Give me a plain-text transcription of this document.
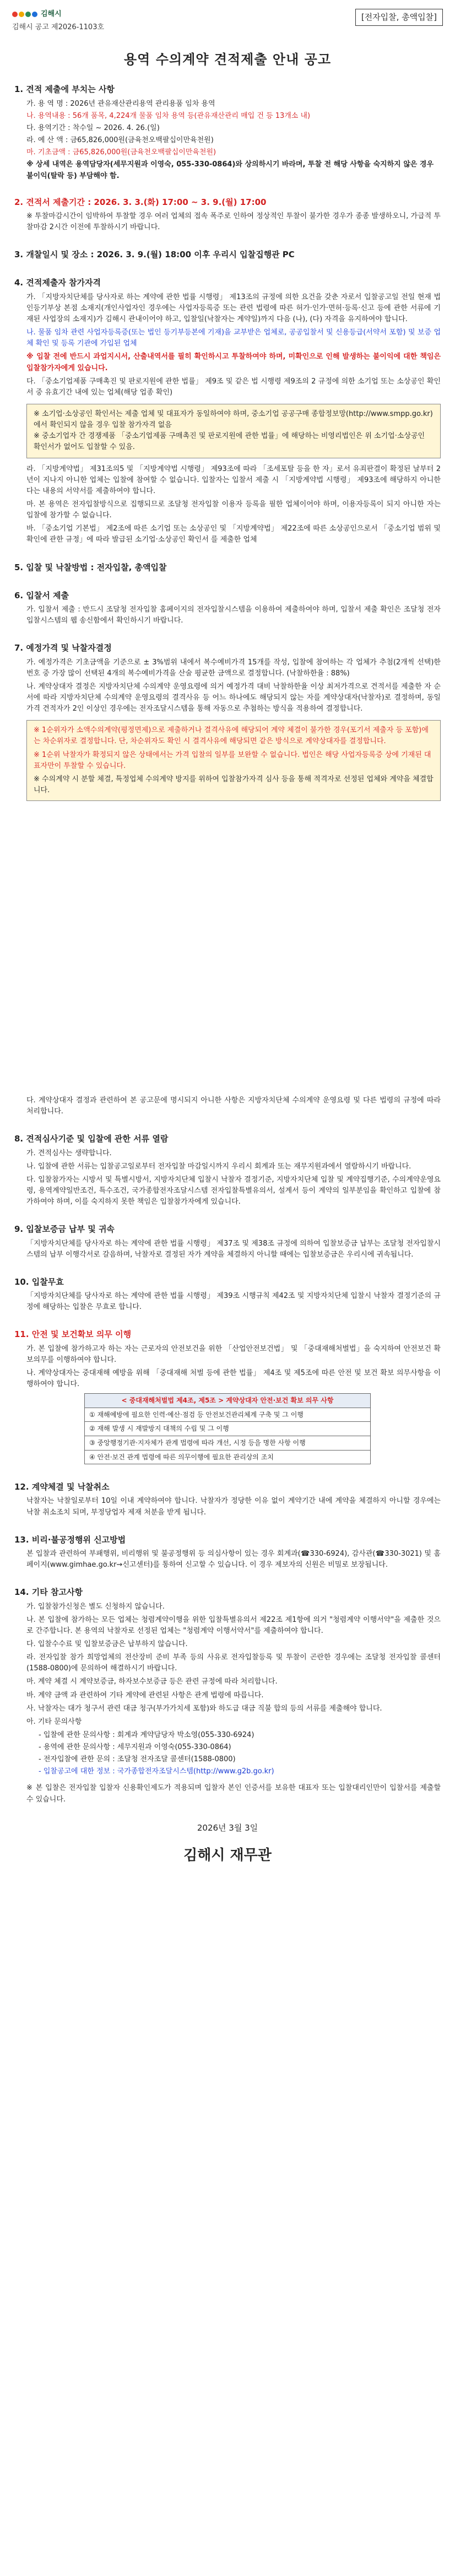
김해시
김해시 공고 제2026-1103호
[전자입찰, 총액입찰]
용역 수의계약 견적제출 안내 공고
1. 견적 제출에 부치는 사항
가. 용 역 명 : 2026년 관유재산관리용역 관리용품 임차 용역
나. 용역내용 : 56개 품목, 4,224개 물품 임차 용역 등(관유재산관리 매입 건 등 13개소 내)
다. 용역기간 : 착수일 ~ 2026. 4. 26.(일)
라. 예 산 액 : 금65,826,000원(금육천오백팔십이만육천원)
마. 기초금액 : 금65,826,000원(금육천오백팔십이만육천원)
※ 상세 내역은 용역담당자(세무지원과 이영숙, 055-330-0864)와 상의하시기 바라며, 투찰 전 해당 사항을 숙지하지 않은 경우 불이익(탈락 등) 부담해야 함.
2. 견적서 제출기간 : 2026. 3. 3.(화) 17:00 ~ 3. 9.(월) 17:00
※ 투찰마감시간이 임박하여 투찰할 경우 여러 업체의 접속 폭주로 인하여 정상적인 투찰이 불가한 경우가 종종 발생하오니, 가급적 투찰마감 2시간 이전에 투찰하시기 바랍니다.
3. 개찰일시 및 장소 : 2026. 3. 9.(월) 18:00 이후 우리시 입찰집행관 PC
4. 견적제출자 참가자격
가. 「지방자치단체를 당사자로 하는 계약에 관한 법률 시행령」 제13조의 규정에 의한 요건을 갖춘 자로서 입찰공고일 전일 현재 법인등기부상 본점 소재지(개인사업자인 경우에는 사업자등록증 또는 관련 법령에 따른 허가·인가·면허·등록·신고 등에 관한 서류에 기재된 사업장의 소재지)가 김해시 관내이어야 하고, 입찰일(낙찰자는 계약일)까지 다음 (나), (다) 자격을 유지하여야 합니다.
나. 물품 임차 관련 사업자등록증(또는 법인 등기부등본에 기재)을 교부받은 업체로, 공공입찰서 및 신용등급(서약서 포함) 및 보증 업체 확인 및 등록 기관에 가입된 업체
※ 입찰 전에 반드시 과업지시서, 산출내역서를 필히 확인하시고 투찰하여야 하며, 미확인으로 인해 발생하는 불이익에 대한 책임은 입찰참가자에게 있습니다.
다. 「중소기업제품 구매촉진 및 판로지원에 관한 법률」 제9조 및 같은 법 시행령 제9조의 2 규정에 의한 소기업 또는 소상공인 확인서 중 유효기간 내에 있는 업체(해당 업종 확인)
※ 소기업·소상공인 확인서는 제출 업체 및 대표자가 동일하여야 하며, 중소기업 공공구매 종합정보망(http://www.smpp.go.kr)에서 확인되지 않을 경우 입찰 참가자격 없음
※ 중소기업자 간 경쟁제품 「중소기업제품 구매촉진 및 판로지원에 관한 법률」에 해당하는 비영리법인은 위 소기업·소상공인 확인서가 없어도 입찰할 수 있음.
라. 「지방계약법」 제31조의5 및 「지방계약법 시행령」 제93조에 따라 「조세포탈 등을 한 자」로서 유죄판결이 확정된 날부터 2년이 지나지 아니한 업체는 입찰에 참여할 수 없습니다. 입찰자는 입찰서 제출 시 「지방계약법 시행령」 제93조에 해당하지 아니한다는 내용의 서약서를 제출하여야 합니다.
마. 본 용역은 전자입찰방식으로 집행되므로 조달청 전자입찰 이용자 등록을 필한 업체이어야 하며, 이용자등록이 되지 아니한 자는 입찰에 참가할 수 없습니다.
바. 「중소기업 기본법」 제2조에 따른 소기업 또는 소상공인 및 「지방계약법」 제22조에 따른 소상공인으로서 「중소기업 범위 및 확인에 관한 규정」에 따라 발급된 소기업·소상공인 확인서 를 제출한 업체
5. 입찰 및 낙찰방법 : 전자입찰, 총액입찰
6. 입찰서 제출
가. 입찰서 제출 : 반드시 조달청 전자입찰 홈페이지의 전자입찰시스템을 이용하여 제출하여야 하며, 입찰서 제출 확인은 조달청 전자입찰시스템의 웹 송신함에서 확인하시기 바랍니다.
7. 예정가격 및 낙찰자결정
가. 예정가격은 기초금액을 기준으로 ± 3%범위 내에서 복수예비가격 15개를 작성, 입찰에 참여하는 각 업체가 추첨(2개씩 선택)한 번호 중 가장 많이 선택된 4개의 복수예비가격을 산술 평균한 금액으로 결정합니다. (낙찰하한율 : 88%)
나. 계약상대자 결정은 지방자치단체 수의계약 운영요령에 의거 예정가격 대비 낙찰하한율 이상 최저가격으로 견적서를 제출한 자 순서에 따라 지방자치단체 수의계약 운영요령의 결격사유 등 어느 하나에도 해당되지 않는 자를 계약상대자(낙찰자)로 결정하며, 동일 가격 견적자가 2인 이상인 경우에는 전자조달시스템을 통해 자동으로 추첨하는 방식을 적용하여 결정합니다.
※ 1순위자가 소액수의계약(평정면제)으로 제출하거나 결격사유에 해당되어 계약 체결이 불가한 경우(포기서 제출자 등 포함)에는 차순위자로 결정합니다. 단, 차순위자도 확인 시 결격사유에 해당되면 같은 방식으로 계약상대자를 결정합니다.
※ 1순위 낙찰자가 확정되지 않은 상태에서는 가격 입찰의 일부를 보완할 수 없습니다. 법인은 해당 사업자등록증 상에 기재된 대표자만이 투찰할 수 있습니다.
※ 수의계약 시 분할 체결, 특정업체 수의계약 방지를 위하여 입찰참가자격 심사 등을 통해 적격자로 선정된 업체와 계약을 체결합니다.
다. 계약상대자 결정과 관련하여 본 공고문에 명시되지 아니한 사항은 지방자치단체 수의계약 운영요령 및 다른 법령의 규정에 따라 처리합니다.
8. 견적심사기준 및 입찰에 관한 서류 열람
가. 견적심사는 생략합니다.
나. 입찰에 관한 서류는 입찰공고일로부터 전자입찰 마감일시까지 우리시 회계과 또는 재무지원과에서 열람하시기 바랍니다.
다. 입찰참가자는 시방서 및 특별시방서, 지방자치단체 입찰시 낙찰자 결정기준, 지방자치단체 입찰 및 계약집행기준, 수의계약운영요령, 용역계약일반조건, 특수조건, 국가종합전자조달시스템 전자입찰특별유의서, 설계서 등이 계약의 일부분임을 확인하고 입찰에 참가하여야 하며, 이를 숙지하지 못한 책임은 입찰참가자에게 있습니다.
9. 입찰보증금 납부 및 귀속
「지방자치단체를 당사자로 하는 계약에 관한 법률 시행령」 제37조 및 제38조 규정에 의하여 입찰보증금 납부는 조달청 전자입찰시스템의 납부 이행각서로 갈음하며, 낙찰자로 결정된 자가 계약을 체결하지 아니할 때에는 입찰보증금은 우리시에 귀속됩니다.
10. 입찰무효
「지방자치단체를 당사자로 하는 계약에 관한 법률 시행령」 제39조 시행규칙 제42조 및 지방자치단체 입찰시 낙찰자 결정기준의 규정에 해당하는 입찰은 무효로 합니다.
11. 안전 및 보건확보 의무 이행
가. 본 입찰에 참가하고자 하는 자는 근로자의 안전보건을 위한 「산업안전보건법」 및 「중대재해처벌법」을 숙지하여 안전보건 확보의무를 이행하여야 합니다.
나. 계약상대자는 중대재해 예방을 위해 「중대재해 처벌 등에 관한 법률」 제4조 및 제5조에 따른 안전 및 보건 확보 의무사항을 이행하여야 합니다.
< 중대재해처벌법 제4조, 제5조 > 계약상대자 안전·보건 확보 의무 사항
① 재해예방에 필요한 인력·예산·점검 등 안전보건관리체계 구축 및 그 이행
② 재해 발생 시 재발방지 대책의 수립 및 그 이행
③ 중앙행정기관·지자체가 관계 법령에 따라 개선, 시정 등을 명한 사항 이행
④ 안전·보건 관계 법령에 따른 의무이행에 필요한 관리상의 조치
12. 계약체결 및 낙찰취소
낙찰자는 낙찰일로부터 10일 이내 계약하여야 합니다. 낙찰자가 정당한 이유 없이 계약기간 내에 계약을 체결하지 아니할 경우에는 낙찰 취소조치 되며, 부정당업자 제재 처분을 받게 됩니다.
13. 비리·불공정행위 신고방법
본 입찰과 관련하여 부패행위, 비리행위 및 불공정행위 등 의심사항이 있는 경우 회계과(☎330-6924), 감사관(☎330-3021) 및 홈페이지(www.gimhae.go.kr→신고센터)를 통하여 신고할 수 있습니다. 이 경우 제보자의 신원은 비밀로 보장됩니다.
14. 기타 참고사항
가. 입찰참가신청은 별도 신청하지 않습니다.
나. 본 입찰에 참가하는 모든 업체는 청렴계약이행을 위한 입찰특별유의서 제22조 제1항에 의거 "청렴계약 이행서약"을 제출한 것으로 간주합니다. 본 용역의 낙찰자로 선정된 업체는 "청렴계약 이행서약서"를 제출하여야 합니다.
다. 입찰수수료 및 입찰보증금은 납부하지 않습니다.
라. 전자입찰 참가 희망업체의 전산장비 준비 부족 등의 사유로 전자입찰등록 및 투찰이 곤란한 경우에는 조달청 전자입찰 콜센터(1588-0800)에 문의하여 해결하시기 바랍니다.
마. 계약 체결 시 계약보증금, 하자보수보증금 등은 관련 규정에 따라 처리합니다.
바. 계약 금액 과 관련하여 기타 계약에 관련된 사항은 관계 법령에 따릅니다.
사. 낙찰자는 대가 청구서 관련 대금 청구(부가가치세 포함)와 하도급 대금 직불 합의 등의 서류를 제출해야 합니다.
아. 기타 문의사항
- 입찰에 관한 문의사항 : 회계과 계약담당자 박소영(055-330-6924)
- 용역에 관한 문의사항 : 세무지원과 이영숙(055-330-0864)
- 전자입찰에 관한 문의 : 조달청 전자조달 콜센터(1588-0800)
- 입찰공고에 대한 정보 : 국가종합전자조달시스템(http://www.g2b.go.kr)
※ 본 입찰은 전자입찰 입찰자 신용확인제도가 적용되며 입찰자 본인 인증서를 보유한 대표자 또는 입찰대리인만이 입찰서를 제출할 수 있습니다.
2026년 3월 3일
김해시 재무관
